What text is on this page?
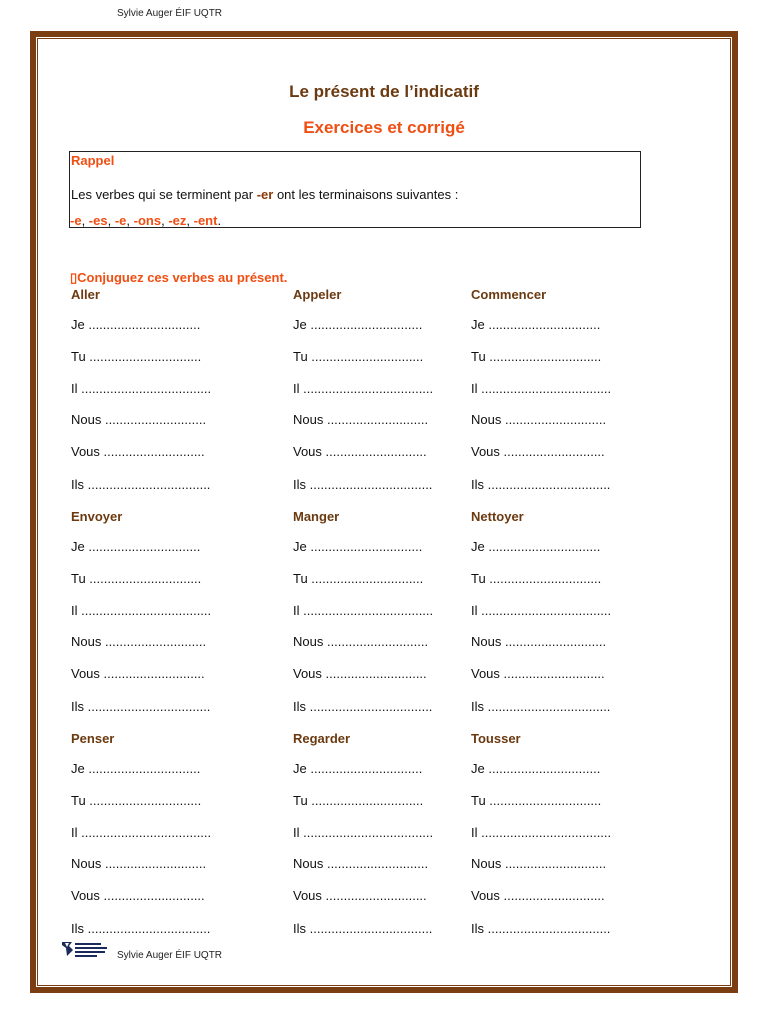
Sylvie Auger ÉIF UQTR
Le présent de l’indicatif
Exercices et corrigé
Rappel
Les verbes qui se terminent par -er ont les terminaisons suivantes :
-e, -es, -e, -ons, -ez, -ent.
▯Conjuguez ces verbes au présent.
Aller
Je ...............................
Tu ...............................
Il ....................................
Nous ............................
Vous ............................
Ils ..................................
Appeler
Je ...............................
Tu ...............................
Il ....................................
Nous ............................
Vous ............................
Ils ..................................
Commencer
Je ...............................
Tu ...............................
Il ....................................
Nous ............................
Vous ............................
Ils ..................................
Envoyer
Je ...............................
Tu ...............................
Il ....................................
Nous ............................
Vous ............................
Ils ..................................
Manger
Je ...............................
Tu ...............................
Il ....................................
Nous ............................
Vous ............................
Ils ..................................
Nettoyer
Je ...............................
Tu ...............................
Il ....................................
Nous ............................
Vous ............................
Ils ..................................
Penser
Je ...............................
Tu ...............................
Il ....................................
Nous ............................
Vous ............................
Ils ..................................
Regarder
Je ...............................
Tu ...............................
Il ....................................
Nous ............................
Vous ............................
Ils ..................................
Tousser
Je ...............................
Tu ...............................
Il ....................................
Nous ............................
Vous ............................
Ils ..................................
Sylvie Auger ÉIF UQTR
